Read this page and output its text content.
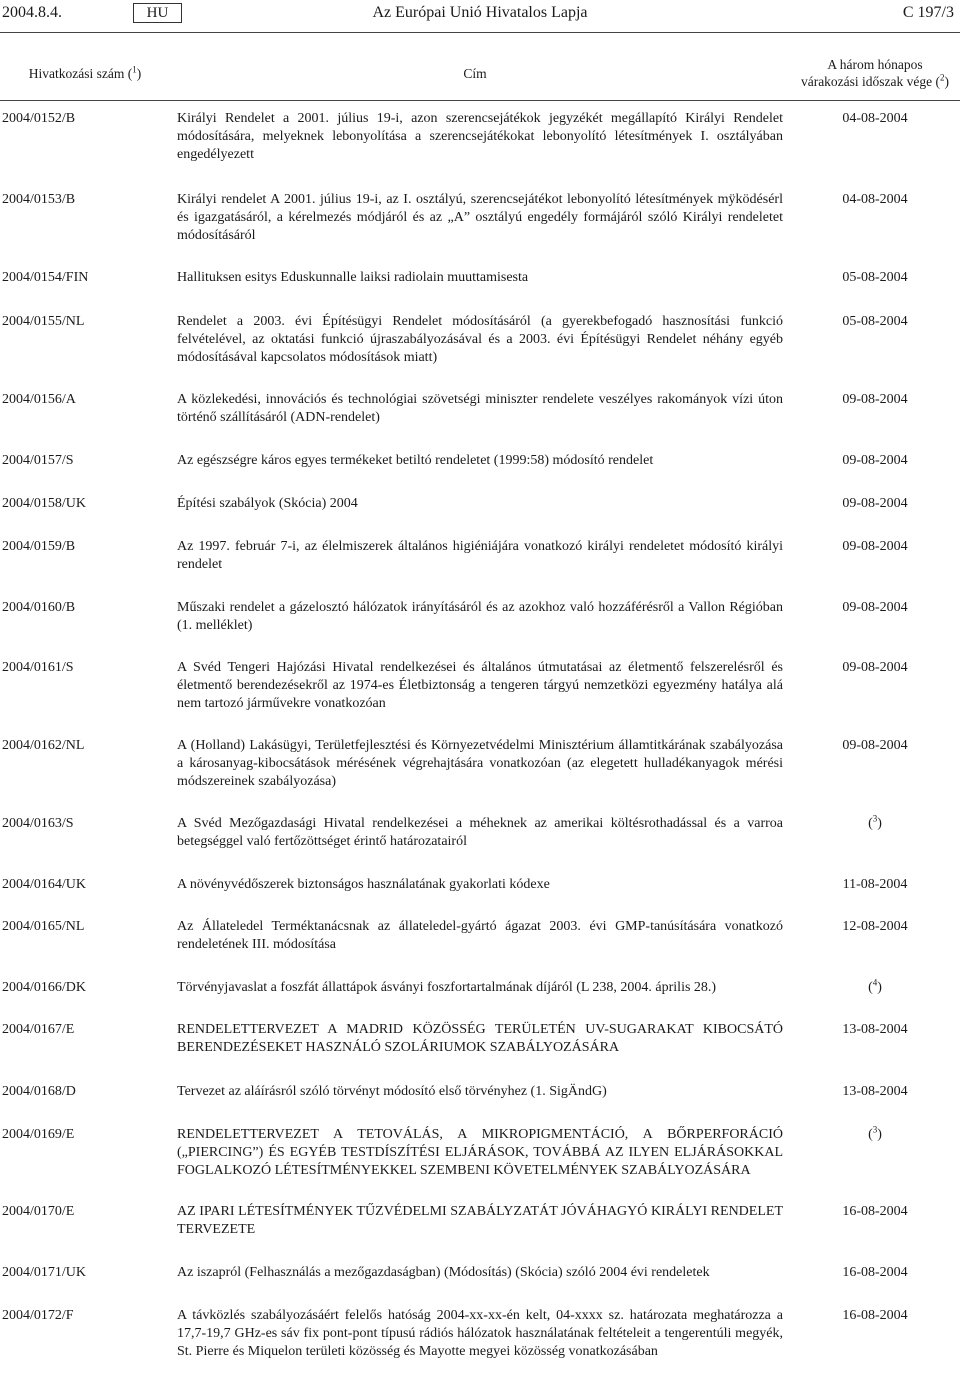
2004.8.4.	HU	Az Európai Unió Hivatalos Lapja	C 197/3
Hivatkozási szám ($^1$)	Cím
A három hónapos
várakozási időszak vége ($^2$)
2004/0152/B	Királyi Rendelet a 2001. július 19-i, azon szerencsejátékok jegyzékét megállapító Királyi Rendelet módosítására, melyeknek lebonyolítása a szerencsejátékokat lebonyolító létesítmények I. osztályában engedélyezett
04-08-2004
2004/0153/B	Királyi rendelet A 2001. július 19-i, az I. osztályú, szerencsejátékot lebonyolító létesítmények mÿködésérl és igazgatásáról, a kérelmezés módjáról és az „A” osztályú engedély formájáról szóló Királyi rendeletet módosításáról
04-08-2004
2004/0154/FIN	Hallituksen esitys Eduskunnalle laiksi radiolain muuttamisesta	05-08-2004
2004/0155/NL	Rendelet a 2003. évi Építésügyi Rendelet módosításáról (a gyerekbefogadó hasznosítási funkció felvételével, az oktatási funkció újraszabályozásával és a 2003. évi Építésügyi Rendelet néhány egyéb módosításával kapcsolatos módosítások miatt)
05-08-2004
2004/0156/A	A közlekedési, innovációs és technológiai szövetségi miniszter rendelete veszélyes rakományok vízi úton történő szállításáról (ADN-rendelet)
09-08-2004
2004/0157/S	Az egészségre káros egyes termékeket betiltó rendeletet (1999:58) módosító rendelet	09-08-2004
2004/0158/UK	Építési szabályok (Skócia) 2004	09-08-2004
2004/0159/B	Az 1997. február 7-i, az élelmiszerek általános higiéniájára vonatkozó királyi rendeletet módosító királyi rendelet
09-08-2004
2004/0160/B	Műszaki rendelet a gázelosztó hálózatok irányításáról és az azokhoz való hozzáférésről a Vallon Régióban (1. melléklet)
09-08-2004
2004/0161/S	A Svéd Tengeri Hajózási Hivatal rendelkezései és általános útmutatásai az életmentő felszerelésről és életmentő berendezésekről az 1974-es Életbiztonság a tengeren tárgyú nemzetközi egyezmény hatálya alá nem tartozó járművekre vonatkozóan
09-08-2004
2004/0162/NL	A (Holland) Lakásügyi, Területfejlesztési és Környezetvédelmi Minisztérium államtitkárának szabályozása a károsanyag-kibocsátások mérésének végrehajtására vonatkozóan (az elegetett hulladékanyagok mérési módszereinek szabályozása)
09-08-2004
2004/0163/S	A Svéd Mezőgazdasági Hivatal rendelkezései a méheknek az amerikai költésrothadással és a varroa betegséggel való fertőzöttséget érintő határozatairól
($^3$)
2004/0164/UK	A növényvédőszerek biztonságos használatának gyakorlati kódexe	11-08-2004
2004/0165/NL	Az Állateledel Terméktanácsnak az állateledel-gyártó ágazat 2003. évi GMP-tanúsítására vonatkozó rendeletének III. módosítása
12-08-2004
2004/0166/DK	Törvényjavaslat a foszfát állattápok ásványi foszfortartalmának díjáról (L 238, 2004. április 28.)	($^4$)
2004/0167/E	RENDELETTERVEZET A MADRID KÖZÖSSÉG TERÜLETÉN UV-SUGARAKAT KIBOCSÁTÓ BERENDEZÉSEKET HASZNÁLÓ SZOLÁRIUMOK SZABÁLYOZÁSÁRA
13-08-2004
2004/0168/D	Tervezet az aláírásról szóló törvényt módosító első törvényhez (1. SigÄndG)	13-08-2004
2004/0169/E	RENDELETTERVEZET A TETOVÁLÁS, A MIKROPIGMENTÁCIÓ, A BŐRPERFORÁCIÓ („PIERCING”) ÉS EGYÉB TESTDÍSZÍTÉSI ELJÁRÁSOK, TOVÁBBÁ AZ ILYEN ELJÁRÁSOKKAL FOGLALKOZÓ LÉTESÍTMÉNYEKKEL SZEMBENI KÖVETELMÉNYEK SZABÁLYOZÁSÁRA
($^3$)
2004/0170/E	AZ IPARI LÉTESÍTMÉNYEK TŰZVÉDELMI SZABÁLYZATÁT JÓVÁHAGYÓ KIRÁLYI RENDELET TERVEZETE
16-08-2004
2004/0171/UK	Az iszapról (Felhasználás a mezőgazdaságban) (Módosítás) (Skócia) szóló 2004 évi rendeletek	16-08-2004
2004/0172/F	A távközlés szabályozásáért felelős hatóság 2004-xx-xx-én kelt, 04-xxxx sz. határozata meghatározza a 17,7-19,7 GHz-es sáv fix pont-pont típusú rádiós hálózatok használatának feltételeit a tengerentúli megyék, St. Pierre és Miquelon területi közösség és Mayotte megyei közösség vonatkozásában
16-08-2004
